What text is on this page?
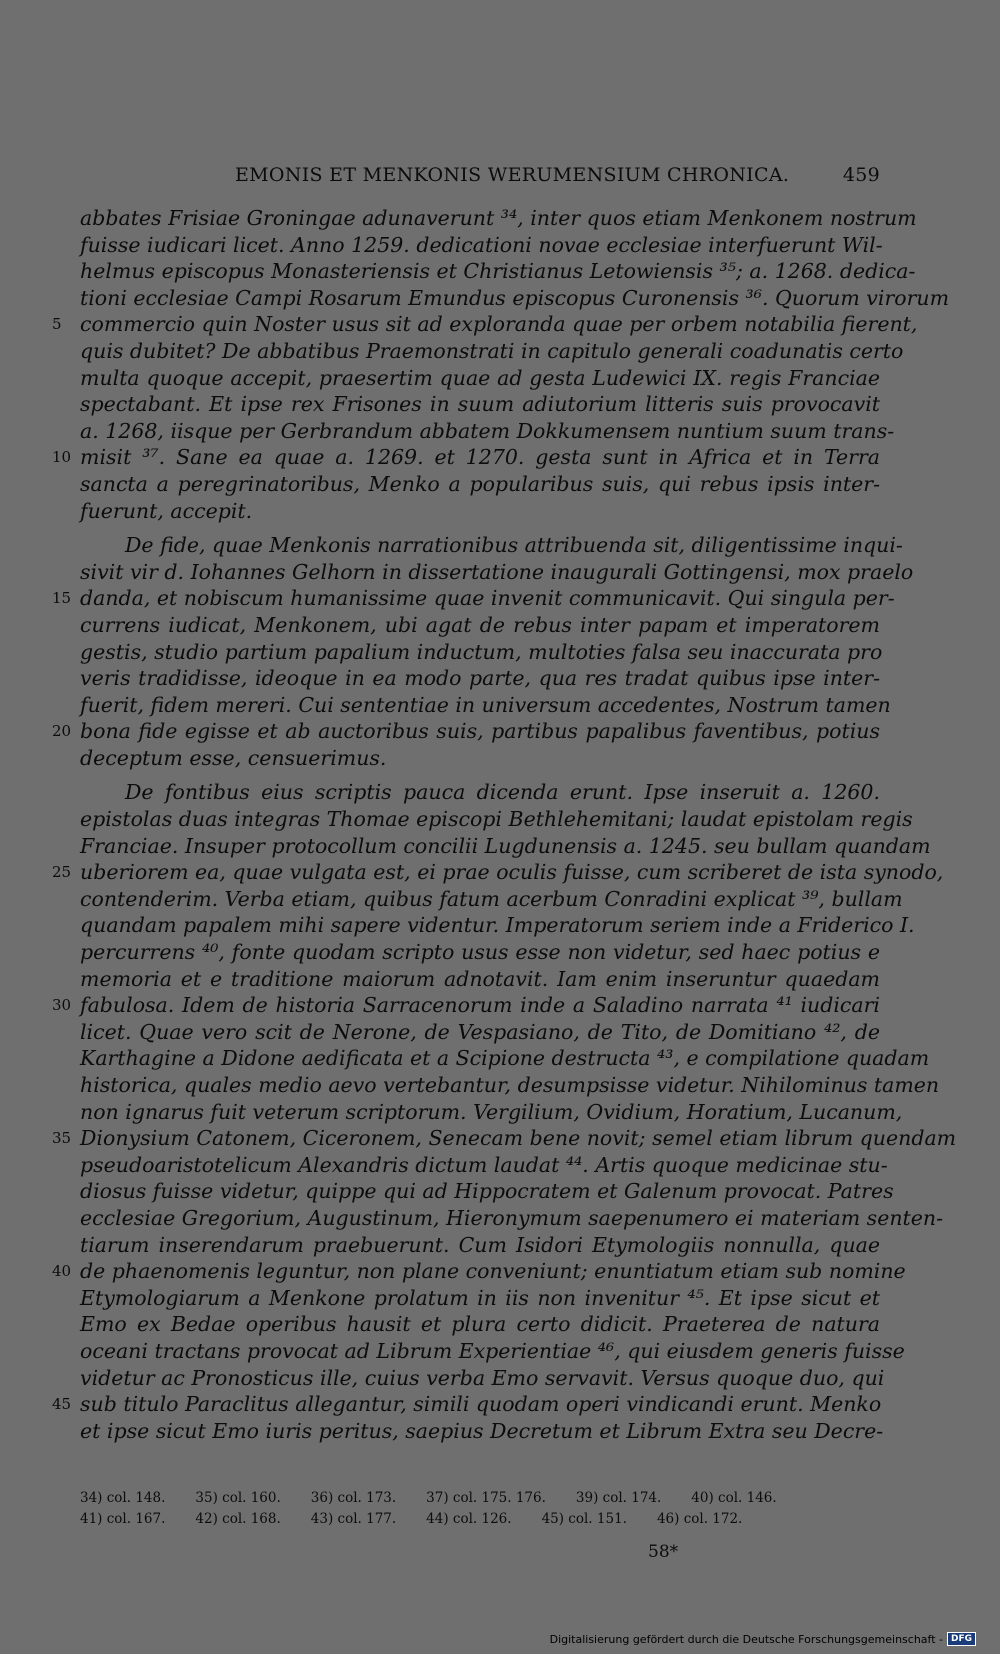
EMONIS ET MENKONIS WERUMENSIUM CHRONICA.	459
abbates Frisiae Groningae adunaverunt ³⁴, inter quos etiam Menkonem nostrum
fuisse iudicari licet. Anno 1259. dedicationi novae ecclesiae interfuerunt Wil-
helmus episcopus Monasteriensis et Christianus Letowiensis ³⁵; a. 1268. dedica-
tioni ecclesiae Campi Rosarum Emundus episcopus Curonensis ³⁶. Quorum virorum
commercio quin Noster usus sit ad exploranda quae per orbem notabilia fierent,
5
quis dubitet? De abbatibus Praemonstrati in capitulo generali coadunatis certo
multa quoque accepit, praesertim quae ad gesta Ludewici IX. regis Franciae
spectabant. Et ipse rex Frisones in suum adiutorium litteris suis provocavit
a. 1268, iisque per Gerbrandum abbatem Dokkumensem nuntium suum trans-
misit ³⁷. Sane ea quae a. 1269. et 1270. gesta sunt in Africa et in Terra
10
sancta a peregrinatoribus, Menko a popularibus suis, qui rebus ipsis inter-
fuerunt, accepit.
De fide, quae Menkonis narrationibus attribuenda sit, diligentissime inqui-
sivit vir d. Iohannes Gelhorn in dissertatione inaugurali Gottingensi, mox praelo
danda, et nobiscum humanissime quae invenit communicavit. Qui singula per-
15
currens iudicat, Menkonem, ubi agat de rebus inter papam et imperatorem
gestis, studio partium papalium inductum, multoties falsa seu inaccurata pro
veris tradidisse, ideoque in ea modo parte, qua res tradat quibus ipse inter-
fuerit, fidem mereri. Cui sententiae in universum accedentes, Nostrum tamen
bona fide egisse et ab auctoribus suis, partibus papalibus faventibus, potius
20
deceptum esse, censuerimus.
De fontibus eius scriptis pauca dicenda erunt. Ipse inseruit a. 1260.
epistolas duas integras Thomae episcopi Bethlehemitani; laudat epistolam regis
Franciae. Insuper protocollum concilii Lugdunensis a. 1245. seu bullam quandam
uberiorem ea, quae vulgata est, ei prae oculis fuisse, cum scriberet de ista synodo,
25
contenderim. Verba etiam, quibus fatum acerbum Conradini explicat ³⁹, bullam
quandam papalem mihi sapere videntur. Imperatorum seriem inde a Friderico I.
percurrens ⁴⁰, fonte quodam scripto usus esse non videtur, sed haec potius e
memoria et e traditione maiorum adnotavit. Iam enim inseruntur quaedam
fabulosa. Idem de historia Sarracenorum inde a Saladino narrata ⁴¹ iudicari
30
licet. Quae vero scit de Nerone, de Vespasiano, de Tito, de Domitiano ⁴², de
Karthagine a Didone aedificata et a Scipione destructa ⁴³, e compilatione quadam
historica, quales medio aevo vertebantur, desumpsisse videtur. Nihilominus tamen
non ignarus fuit veterum scriptorum. Vergilium, Ovidium, Horatium, Lucanum,
Dionysium Catonem, Ciceronem, Senecam bene novit; semel etiam librum quendam
35
pseudoaristotelicum Alexandris dictum laudat ⁴⁴. Artis quoque medicinae stu-
diosus fuisse videtur, quippe qui ad Hippocratem et Galenum provocat. Patres
ecclesiae Gregorium, Augustinum, Hieronymum saepenumero ei materiam senten-
tiarum inserendarum praebuerunt. Cum Isidori Etymologiis nonnulla, quae
de phaenomenis leguntur, non plane conveniunt; enuntiatum etiam sub nomine
40
Etymologiarum a Menkone prolatum in iis non invenitur ⁴⁵. Et ipse sicut et
Emo ex Bedae operibus hausit et plura certo didicit. Praeterea de natura
oceani tractans provocat ad Librum Experientiae ⁴⁶, qui eiusdem generis fuisse
videtur ac Pronosticus ille, cuius verba Emo servavit. Versus quoque duo, qui
sub titulo Paraclitus allegantur, simili quodam operi vindicandi erunt. Menko
45
et ipse sicut Emo iuris peritus, saepius Decretum et Librum Extra seu Decre-
34) col. 148. 35) col. 160. 36) col. 173. 37) col. 175. 176. 39) col. 174. 40) col. 146.
41) col. 167. 42) col. 168. 43) col. 177. 44) col. 126. 45) col. 151. 46) col. 172.
58*
Digitalisierung gefördert durch die Deutsche Forschungsgemeinschaft - DFG
